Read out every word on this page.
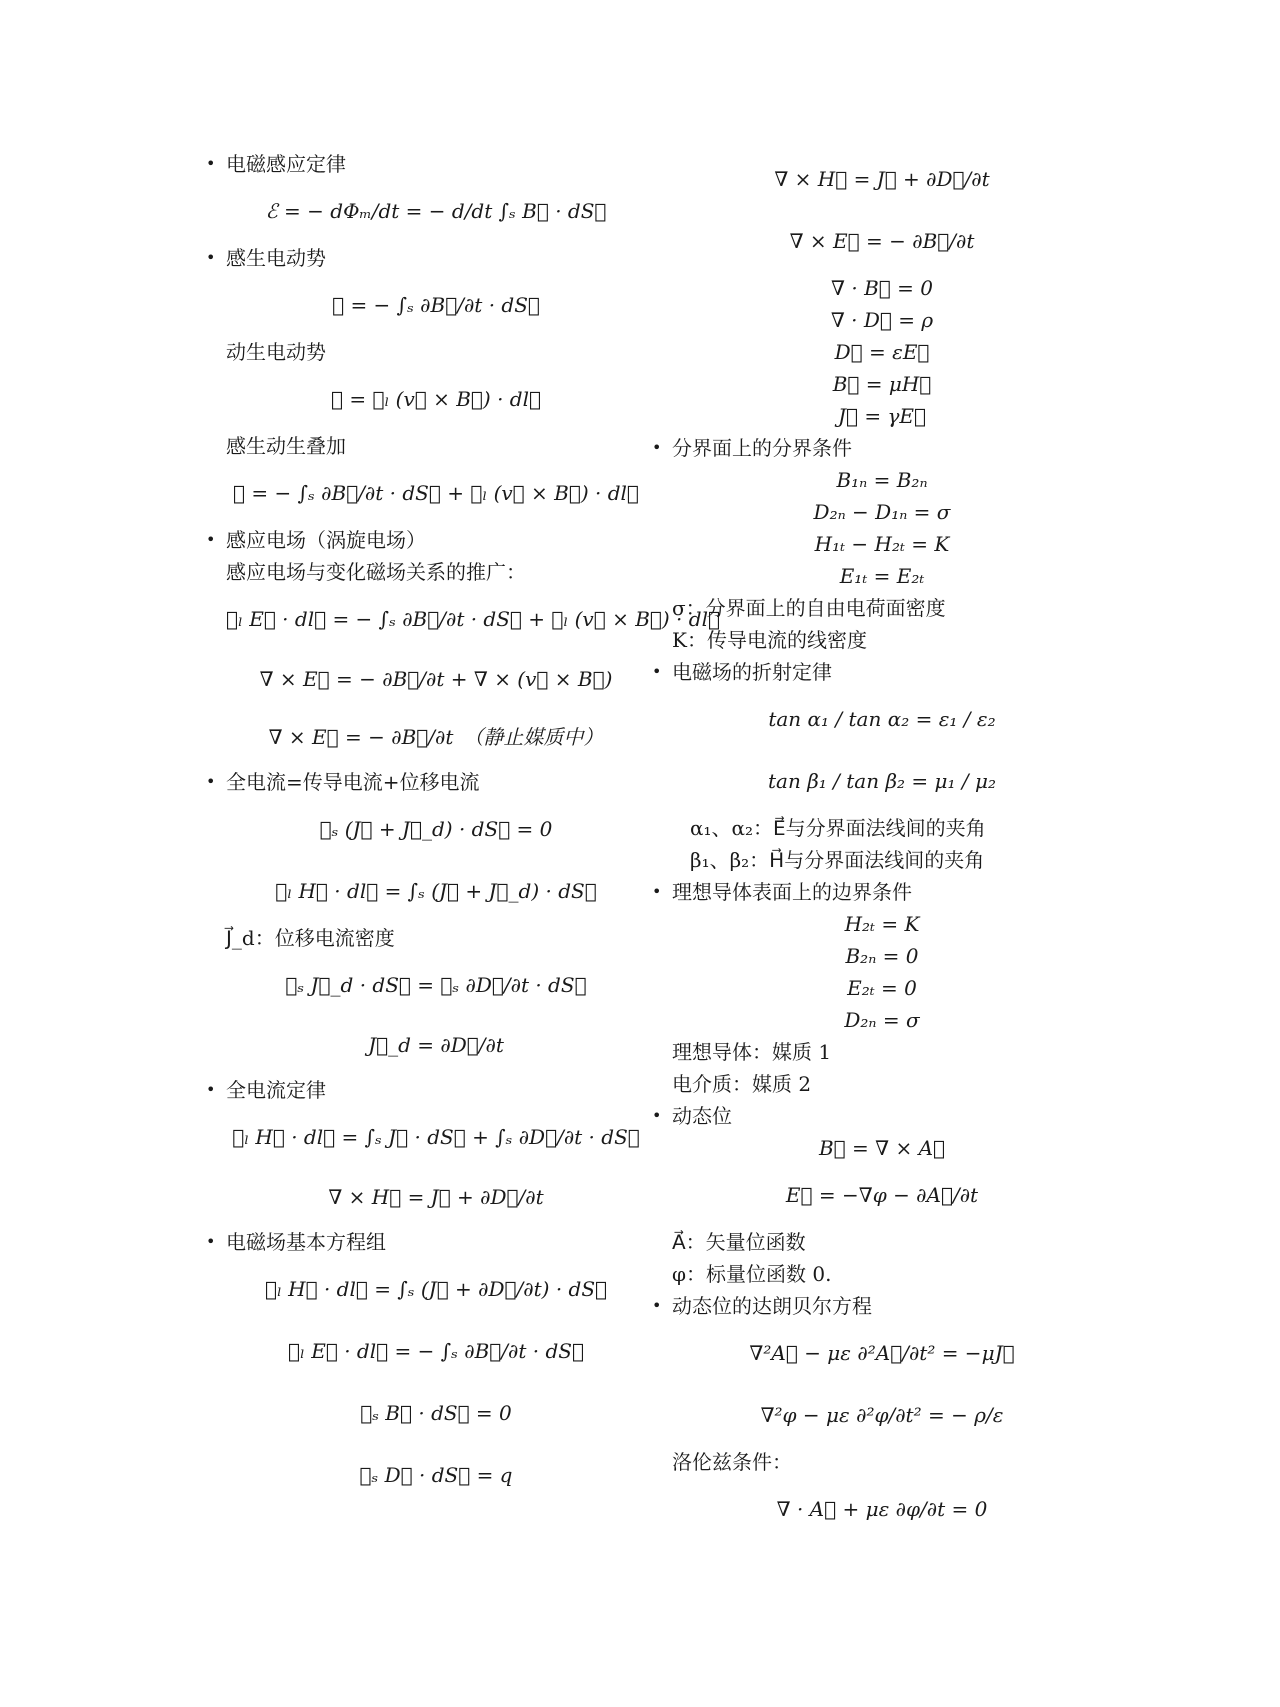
• 电磁感应定律
ℰ = − dΦₘ/dt = − d/dt ∫ₛ B⃗ · dS⃗
• 感生电动势
ℰ = − ∫ₛ ∂B⃗/∂t · dS⃗
动生电动势
ℰ = ∮ₗ (v⃗ × B⃗) · dl⃗
感生动生叠加
ℰ = − ∫ₛ ∂B⃗/∂t · dS⃗ + ∮ₗ (v⃗ × B⃗) · dl⃗
• 感应电场（涡旋电场）
感应电场与变化磁场关系的推广：
∮ₗ E⃗ · dl⃗ = − ∫ₛ ∂B⃗/∂t · dS⃗ + ∮ₗ (v⃗ × B⃗) · dl⃗
∇ × E⃗ = − ∂B⃗/∂t + ∇ × (v⃗ × B⃗)
∇ × E⃗ = − ∂B⃗/∂t　（静止媒质中）
• 全电流=传导电流+位移电流
∮ₛ (J⃗ + J⃗_d) · dS⃗ = 0
∮ₗ H⃗ · dl⃗ = ∫ₛ (J⃗ + J⃗_d) · dS⃗
J⃗_d：位移电流密度
∮ₛ J⃗_d · dS⃗ = ∮ₛ ∂D⃗/∂t · dS⃗
J⃗_d = ∂D⃗/∂t
• 全电流定律
∮ₗ H⃗ · dl⃗ = ∫ₛ J⃗ · dS⃗ + ∫ₛ ∂D⃗/∂t · dS⃗
∇ × H⃗ = J⃗ + ∂D⃗/∂t
• 电磁场基本方程组
∮ₗ H⃗ · dl⃗ = ∫ₛ (J⃗ + ∂D⃗/∂t) · dS⃗
∮ₗ E⃗ · dl⃗ = − ∫ₛ ∂B⃗/∂t · dS⃗
∮ₛ B⃗ · dS⃗ = 0
∮ₛ D⃗ · dS⃗ = q
∇ × H⃗ = J⃗ + ∂D⃗/∂t
∇ × E⃗ = − ∂B⃗/∂t
∇ · B⃗ = 0
∇ · D⃗ = ρ
D⃗ = εE⃗
B⃗ = μH⃗
J⃗ = γE⃗
• 分界面上的分界条件
B₁ₙ = B₂ₙ
D₂ₙ − D₁ₙ = σ
H₁ₜ − H₂ₜ = K
E₁ₜ = E₂ₜ
σ：分界面上的自由电荷面密度
K：传导电流的线密度
• 电磁场的折射定律
tan α₁ / tan α₂ = ε₁ / ε₂
tan β₁ / tan β₂ = μ₁ / μ₂
α₁、α₂：E⃗与分界面法线间的夹角
β₁、β₂：H⃗与分界面法线间的夹角
• 理想导体表面上的边界条件
H₂ₜ = K
B₂ₙ = 0
E₂ₜ = 0
D₂ₙ = σ
理想导体：媒质 1
电介质：媒质 2
• 动态位
B⃗ = ∇ × A⃗
E⃗ = −∇φ − ∂A⃗/∂t
A⃗：矢量位函数
φ：标量位函数 0.
• 动态位的达朗贝尔方程
∇²A⃗ − με ∂²A⃗/∂t² = −μJ⃗
∇²φ − με ∂²φ/∂t² = − ρ/ε
洛伦兹条件：
∇ · A⃗ + με ∂φ/∂t = 0
